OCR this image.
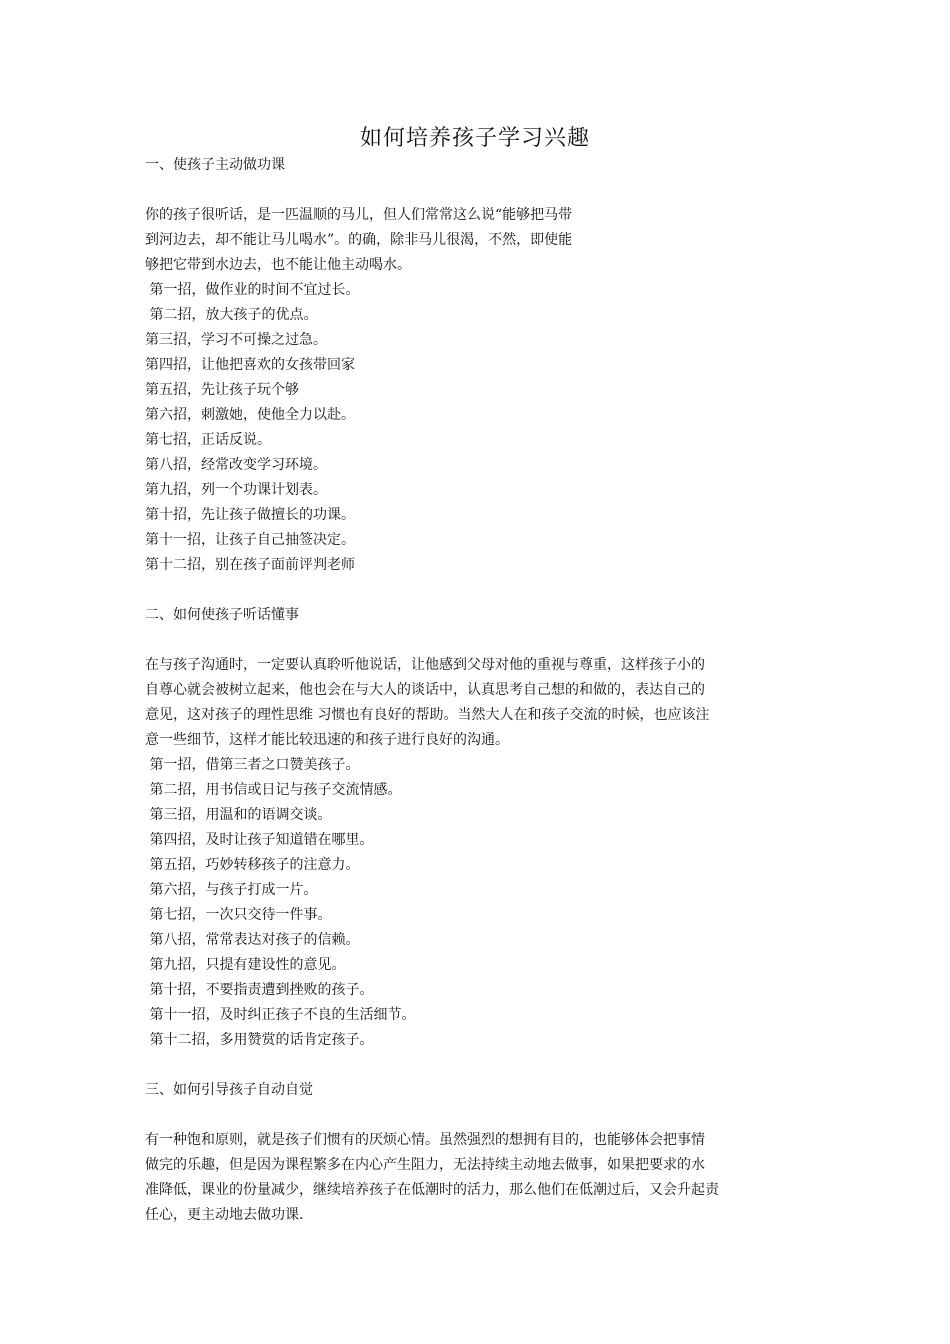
如何培养孩子学习兴趣
一、使孩子主动做功课
你的孩子很听话，是一匹温顺的马儿，但人们常常这么说“能够把马带
到河边去，却不能让马儿喝水”。的确，除非马儿很渴，不然，即使能
够把它带到水边去，也不能让他主动喝水。
第一招，做作业的时间不宜过长。
第二招，放大孩子的优点。
第三招，学习不可操之过急。
第四招，让他把喜欢的女孩带回家
第五招，先让孩子玩个够
第六招，刺激她，使他全力以赴。
第七招，正话反说。
第八招，经常改变学习环境。
第九招，列一个功课计划表。
第十招，先让孩子做擅长的功课。
第十一招，让孩子自己抽签决定。
第十二招，别在孩子面前评判老师
二、如何使孩子听话懂事
在与孩子沟通时，一定要认真聆听他说话，让他感到父母对他的重视与尊重，这样孩子小的
自尊心就会被树立起来，他也会在与大人的谈话中，认真思考自己想的和做的，表达自己的
意见，这对孩子的理性思维 习惯也有良好的帮助。当然大人在和孩子交流的时候，也应该注
意一些细节，这样才能比较迅速的和孩子进行良好的沟通。
第一招，借第三者之口赞美孩子。
第二招，用书信或日记与孩子交流情感。
第三招，用温和的语调交谈。
第四招，及时让孩子知道错在哪里。
第五招，巧妙转移孩子的注意力。
第六招，与孩子打成一片。
第七招，一次只交待一件事。
第八招，常常表达对孩子的信赖。
第九招，只提有建设性的意见。
第十招，不要指责遭到挫败的孩子。
第十一招，及时纠正孩子不良的生活细节。
第十二招，多用赞赏的话肯定孩子。
三、如何引导孩子自动自觉
有一种饱和原则，就是孩子们惯有的厌烦心情。虽然强烈的想拥有目的，也能够体会把事情
做完的乐趣，但是因为课程繁多在内心产生阻力，无法持续主动地去做事，如果把要求的水
准降低，课业的份量减少，继续培养孩子在低潮时的活力，那么他们在低潮过后，又会升起责
任心，更主动地去做功课.
